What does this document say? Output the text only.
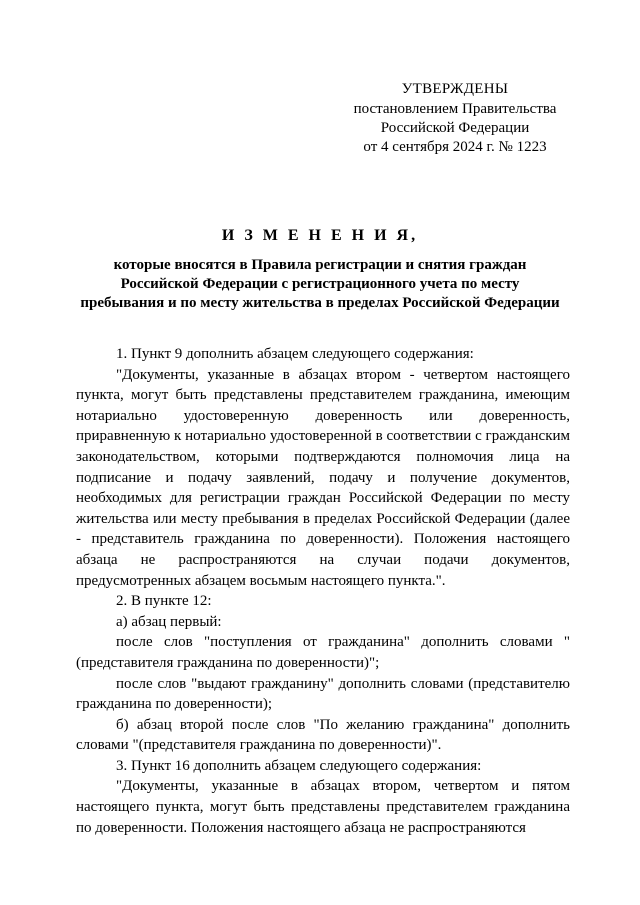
УТВЕРЖДЕНЫ
постановлением Правительства
Российской Федерации
от 4 сентября 2024 г. № 1223
И З М Е Н Е Н И Я,
которые вносятся в Правила регистрации и снятия граждан
Российской Федерации с регистрационного учета по месту
пребывания и по месту жительства в пределах Российской Федерации

1. Пункт 9 дополнить абзацем следующего содержания:

"Документы, указанные в абзацах втором - четвертом настоящего пункта, могут быть представлены представителем гражданина, имеющим нотариально удостоверенную доверенность или доверенность, приравненную к нотариально удостоверенной в соответствии с гражданским законодательством, которыми подтверждаются полномочия лица на подписание и подачу заявлений, подачу и получение документов, необходимых для регистрации граждан Российской Федерации по месту жительства или месту пребывания в пределах Российской Федерации (далее - представитель гражданина по доверенности). Положения настоящего абзаца не распространяются на случаи подачи документов, предусмотренных абзацем восьмым настоящего пункта.".

2. В пункте 12:

а) абзац первый:

после слов "поступления от гражданина" дополнить словами "(представителя гражданина по доверенности)";

после слов "выдают гражданину" дополнить словами (представителю гражданина по доверенности);

б) абзац второй после слов "По желанию гражданина" дополнить словами "(представителя гражданина по доверенности)".

3. Пункт 16 дополнить абзацем следующего содержания:

"Документы, указанные в абзацах втором, четвертом и пятом настоящего пункта, могут быть представлены представителем гражданина по доверенности. Положения настоящего абзаца не распространяются
